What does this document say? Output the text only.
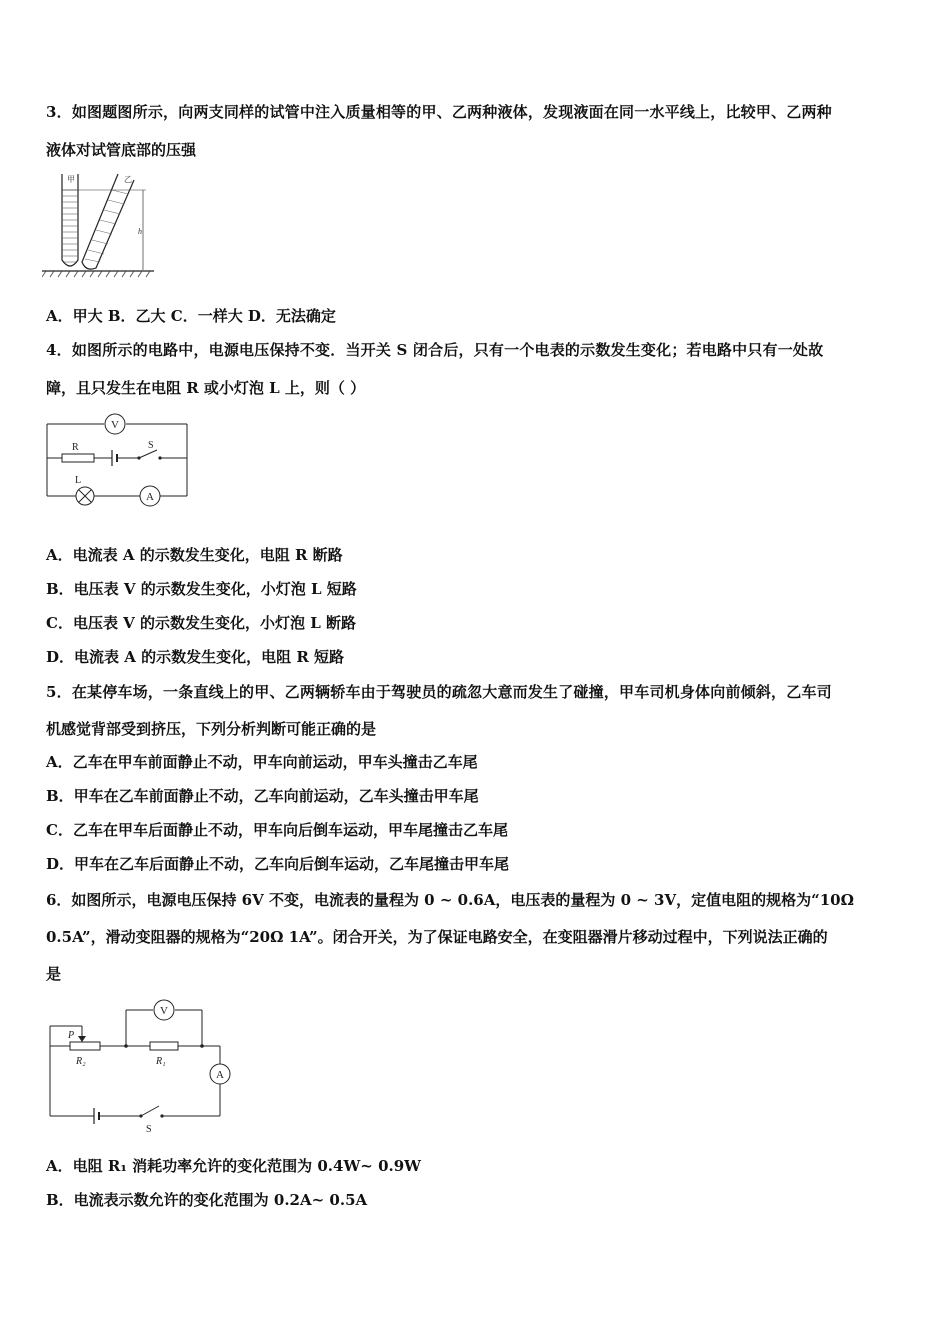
3．如图题图所示，向两支同样的试管中注入质量相等的甲、乙两种液体，发现液面在同一水平线上，比较甲、乙两种
液体对试管底部的压强
甲	乙
h
A．甲大 B．乙大 C．一样大 D．无法确定
4．如图所示的电路中，电源电压保持不变．当开关 S 闭合后，只有一个电表的示数发生变化；若电路中只有一处故
障，且只发生在电阻 R 或小灯泡 L 上，则（ ）
V
R	S
L
A
A．电流表 A 的示数发生变化，电阻 R 断路
B．电压表 V 的示数发生变化，小灯泡 L 短路
C．电压表 V 的示数发生变化，小灯泡 L 断路
D．电流表 A 的示数发生变化，电阻 R 短路
5．在某停车场，一条直线上的甲、乙两辆轿车由于驾驶员的疏忽大意而发生了碰撞，甲车司机身体向前倾斜，乙车司
机感觉背部受到挤压，下列分析判断可能正确的是
A．乙车在甲车前面静止不动，甲车向前运动，甲车头撞击乙车尾
B．甲车在乙车前面静止不动，乙车向前运动，乙车头撞击甲车尾
C．乙车在甲车后面静止不动，甲车向后倒车运动，甲车尾撞击乙车尾
D．甲车在乙车后面静止不动，乙车向后倒车运动，乙车尾撞击甲车尾
6．如图所示，电源电压保持 6V 不变，电流表的量程为 0 ~ 0.6A，电压表的量程为 0 ~ 3V，定值电阻的规格为“10Ω
0.5A”，滑动变阻器的规格为“20Ω 1A”。闭合开关，为了保证电路安全，在变阻器滑片移动过程中，下列说法正确的
是
V
P
R₂	R₁
A
S
A．电阻 R₁ 消耗功率允许的变化范围为 0.4W~ 0.9W
B．电流表示数允许的变化范围为 0.2A~ 0.5A
